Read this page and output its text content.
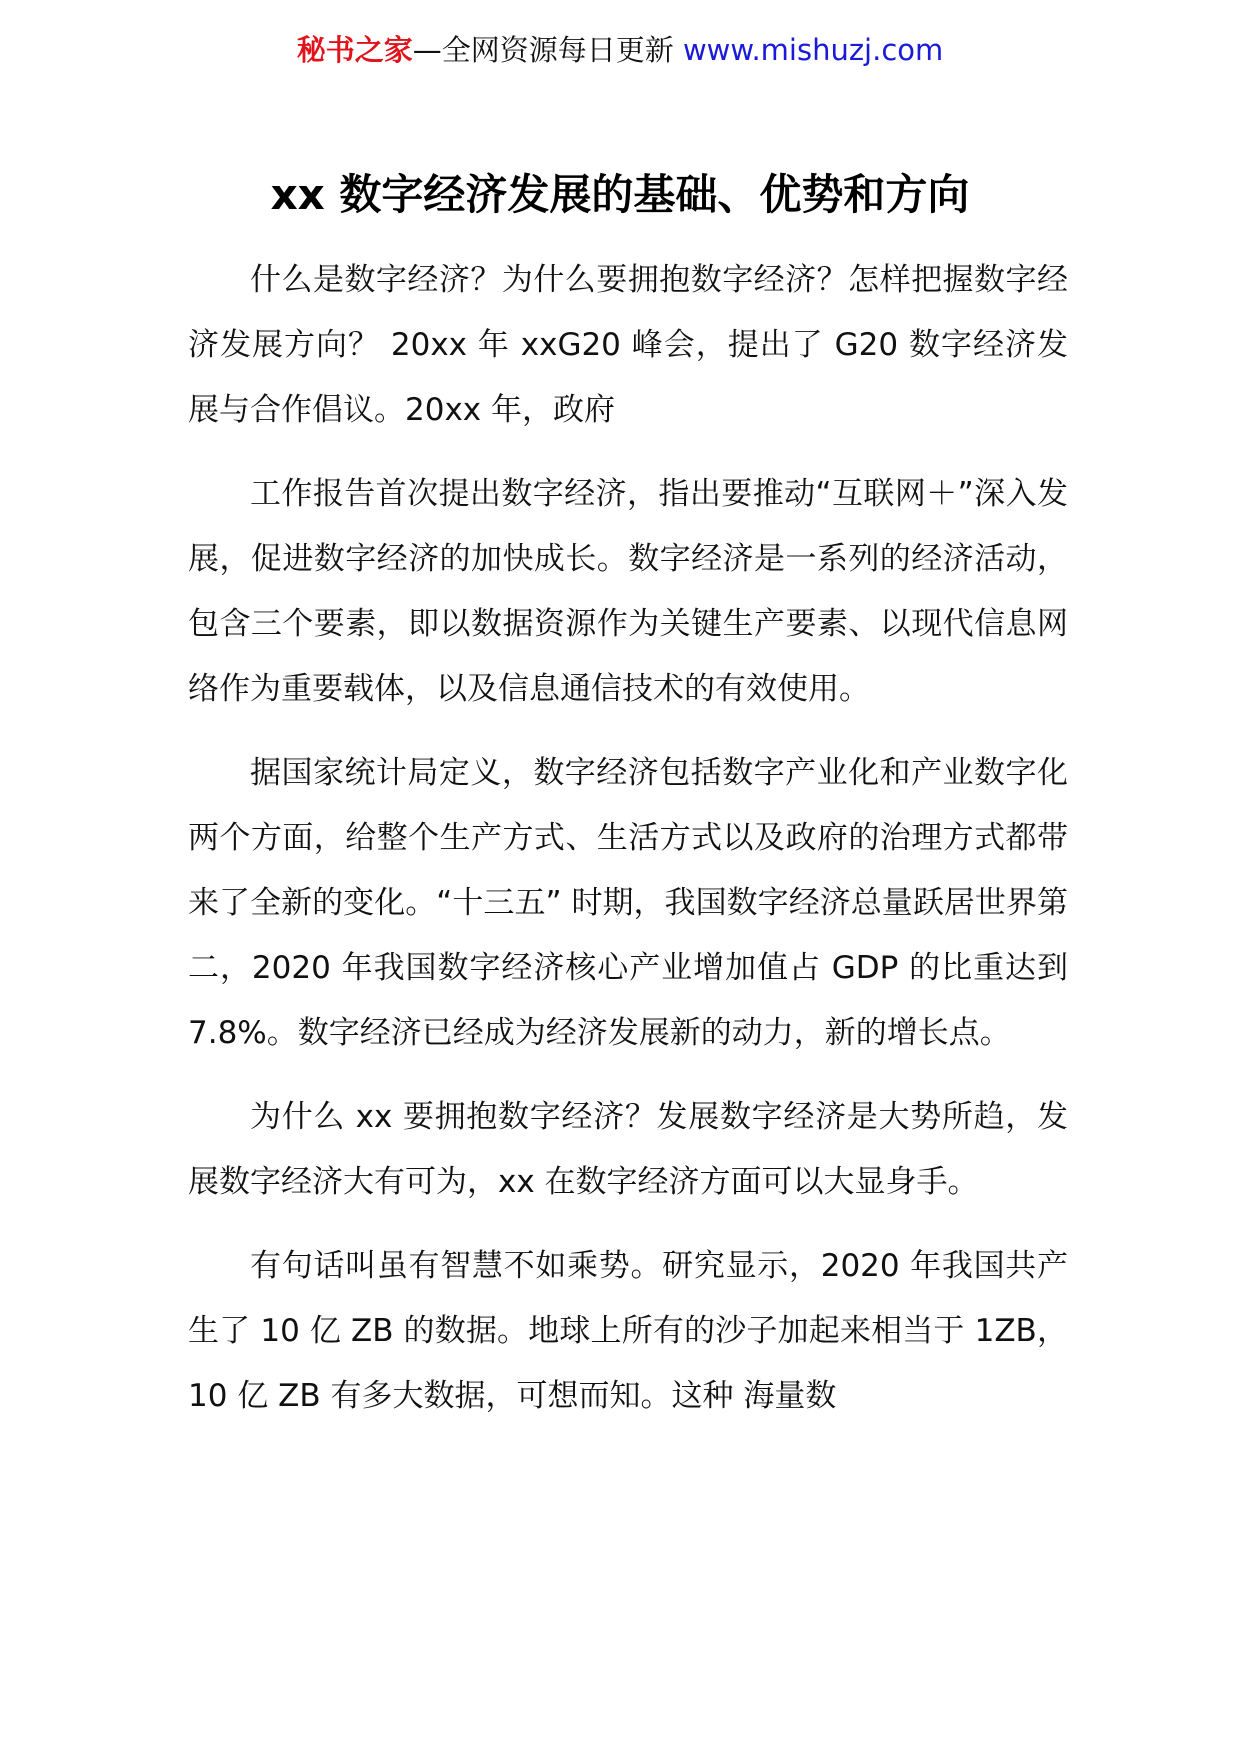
秘书之家—全网资源每日更新 www.mishuzj.com
xx 数字经济发展的基础、优势和方向

什么是数字经济？为什么要拥抱数字经济？怎样把握数字经济发展方向？ 20xx 年 xxG20 峰会，提出了 G20 数字经济发展与合作倡议。20xx 年，政府

工作报告首次提出数字经济，指出要推动“互联网＋”深入发展，促进数字经济的加快成长。数字经济是一系列的经济活动，包含三个要素，即以数据资源作为关键生产要素、以现代信息网络作为重要载体，以及信息通信技术的有效使用。

据国家统计局定义，数字经济包括数字产业化和产业数字化两个方面，给整个生产方式、生活方式以及政府的治理方式都带来了全新的变化。“十三五” 时期，我国数字经济总量跃居世界第二，2020 年我国数字经济核心产业增加值占 GDP 的比重达到 7.8%。数字经济已经成为经济发展新的动力，新的增长点。

为什么 xx 要拥抱数字经济？发展数字经济是大势所趋，发展数字经济大有可为，xx 在数字经济方面可以大显身手。

有句话叫虽有智慧不如乘势。研究显示，2020 年我国共产生了 10 亿 ZB 的数据。地球上所有的沙子加起来相当于 1ZB，10 亿 ZB 有多大数据，可想而知。这种 海量数
